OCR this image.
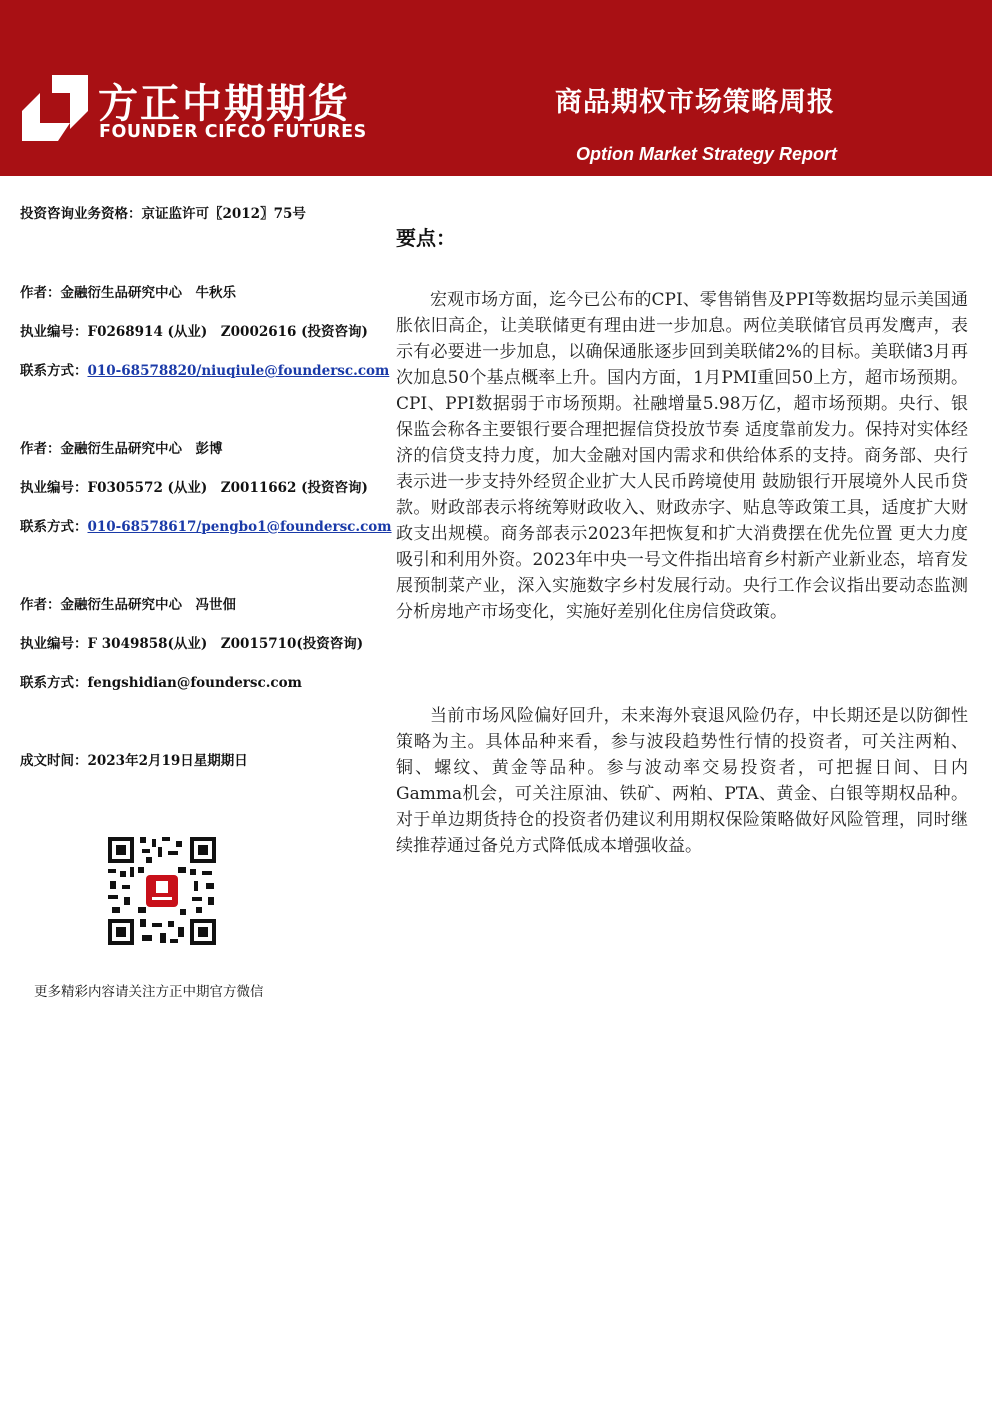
方正中期期货
FOUNDER CIFCO FUTURES
商品期权市场策略周报
Option Market Strategy Report
投资咨询业务资格：京证监许可〖2012〗75号
作者：金融衍生品研究中心　牛秋乐
执业编号：F0268914 (从业)　Z0002616 (投资咨询)
联系方式：010-68578820/niuqiule@foundersc.com
作者：金融衍生品研究中心　彭博
执业编号：F0305572 (从业)　Z0011662 (投资咨询)
联系方式：010-68578617/pengbo1@foundersc.com
作者：金融衍生品研究中心　冯世佃
执业编号：F 3049858(从业)　Z0015710(投资咨询)
联系方式：fengshidian@foundersc.com
成文时间：2023年2月19日星期期日
更多精彩内容请关注方正中期官方微信
要点：

宏观市场方面，迄今已公布的CPI、零售销售及PPI等数据均显示美国通胀依旧高企，让美联储更有理由进一步加息。两位美联储官员再发鹰声，表示有必要进一步加息，以确保通胀逐步回到美联储2%的目标。美联储3月再次加息50个基点概率上升。国内方面，1月PMI重回50上方，超市场预期。CPI、PPI数据弱于市场预期。社融增量5.98万亿，超市场预期。央行、银保监会称各主要银行要合理把握信贷投放节奏 适度靠前发力。保持对实体经济的信贷支持力度，加大金融对国内需求和供给体系的支持。商务部、央行表示进一步支持外经贸企业扩大人民币跨境使用 鼓励银行开展境外人民币贷款。财政部表示将统筹财政收入、财政赤字、贴息等政策工具，适度扩大财政支出规模。商务部表示2023年把恢复和扩大消费摆在优先位置 更大力度吸引和利用外资。2023年中央一号文件指出培育乡村新产业新业态，培育发展预制菜产业，深入实施数字乡村发展行动。央行工作会议指出要动态监测分析房地产市场变化，实施好差别化住房信贷政策。

当前市场风险偏好回升，未来海外衰退风险仍存，中长期还是以防御性策略为主。具体品种来看，参与波段趋势性行情的投资者，可关注两粕、铜、螺纹、黄金等品种。参与波动率交易投资者，可把握日间、日内Gamma机会，可关注原油、铁矿、两粕、PTA、黄金、白银等期权品种。对于单边期货持仓的投资者仍建议利用期权保险策略做好风险管理，同时继续推荐通过备兑方式降低成本增强收益。
